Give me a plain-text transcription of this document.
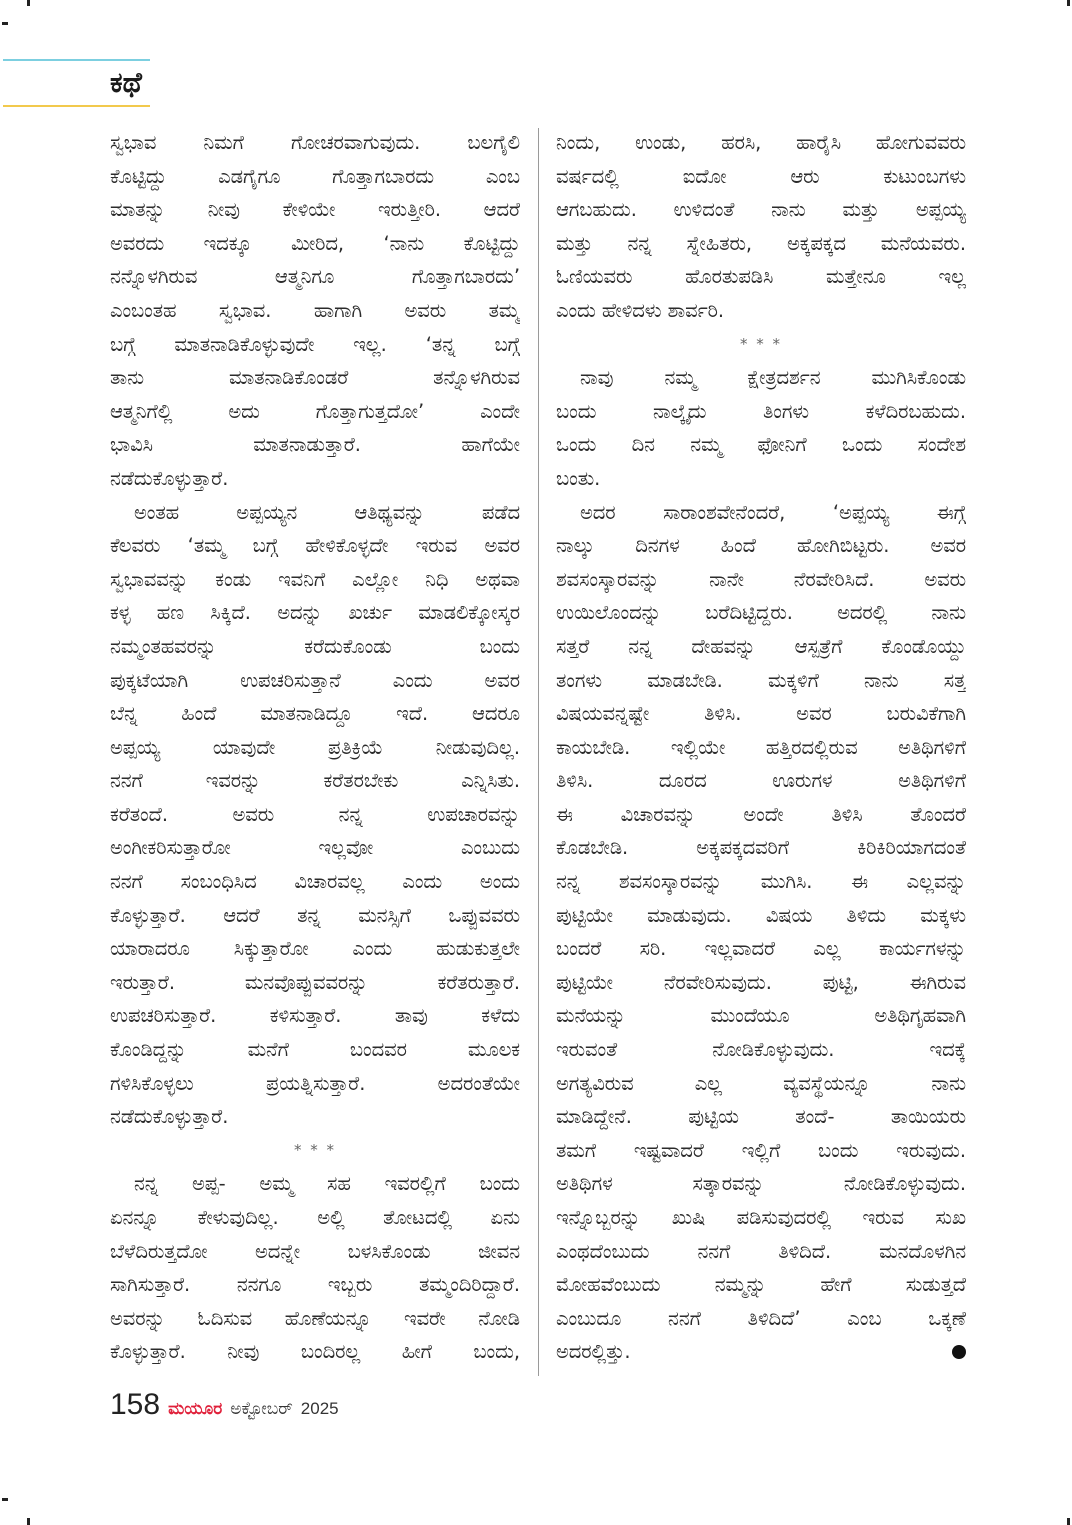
ಕಥೆ
ಸ್ವಭಾವ ನಿಮಗೆ ಗೋಚರವಾಗುವುದು. ಬಲಗೈಲಿ
ಕೊಟ್ಟಿದ್ದು ಎಡಗೈಗೂ ಗೊತ್ತಾಗಬಾರದು ಎಂಬ
ಮಾತನ್ನು ನೀವು ಕೇಳಿಯೇ ಇರುತ್ತೀರಿ. ಆದರೆ
ಅವರದು ಇದಕ್ಕೂ ಮೀರಿದ, ‘ನಾನು ಕೊಟ್ಟಿದ್ದು
ನನ್ನೊಳಗಿರುವ ಆತ್ಮನಿಗೂ ಗೊತ್ತಾಗಬಾರದು’
ಎಂಬಂತಹ ಸ್ವಭಾವ. ಹಾಗಾಗಿ ಅವರು ತಮ್ಮ
ಬಗ್ಗೆ ಮಾತನಾಡಿಕೊಳ್ಳುವುದೇ ಇಲ್ಲ. ‘ತನ್ನ ಬಗ್ಗೆ
ತಾನು ಮಾತನಾಡಿಕೊಂಡರೆ ತನ್ನೊಳಗಿರುವ
ಆತ್ಮನಿಗೆಲ್ಲಿ ಅದು ಗೊತ್ತಾಗುತ್ತದೋ’ ಎಂದೇ
ಭಾವಿಸಿ ಮಾತನಾಡುತ್ತಾರೆ. ಹಾಗೆಯೇ
ನಡೆದುಕೊಳ್ಳುತ್ತಾರೆ.
ಅಂತಹ ಅಪ್ಪಯ್ಯನ ಆತಿಥ್ಯವನ್ನು ಪಡೆದ
ಕೆಲವರು ‘ತಮ್ಮ ಬಗ್ಗೆ ಹೇಳಿಕೊಳ್ಳದೇ ಇರುವ ಅವರ
ಸ್ವಭಾವವನ್ನು ಕಂಡು ಇವನಿಗೆ ಎಲ್ಲೋ ನಿಧಿ ಅಥವಾ
ಕಳ್ಳ ಹಣ ಸಿಕ್ಕಿದೆ. ಅದನ್ನು ಖರ್ಚು ಮಾಡಲಿಕ್ಕೋಸ್ಕರ
ನಮ್ಮಂತಹವರನ್ನು ಕರೆದುಕೊಂಡು ಬಂದು
ಪುಕ್ಕಟೆಯಾಗಿ ಉಪಚರಿಸುತ್ತಾನೆ ಎಂದು ಅವರ
ಬೆನ್ನ ಹಿಂದೆ ಮಾತನಾಡಿದ್ದೂ ಇದೆ. ಆದರೂ
ಅಪ್ಪಯ್ಯ ಯಾವುದೇ ಪ್ರತಿಕ್ರಿಯೆ ನೀಡುವುದಿಲ್ಲ.
ನನಗೆ ಇವರನ್ನು ಕರೆತರಬೇಕು ಎನ್ನಿಸಿತು.
ಕರೆತಂದೆ. ಅವರು ನನ್ನ ಉಪಚಾರವನ್ನು
ಅಂಗೀಕರಿಸುತ್ತಾರೋ ಇಲ್ಲವೋ ಎಂಬುದು
ನನಗೆ ಸಂಬಂಧಿಸಿದ ವಿಚಾರವಲ್ಲ ಎಂದು ಅಂದು
ಕೊಳ್ಳುತ್ತಾರೆ. ಆದರೆ ತನ್ನ ಮನಸ್ಸಿಗೆ ಒಪ್ಪುವವರು
ಯಾರಾದರೂ ಸಿಕ್ಕುತ್ತಾರೋ ಎಂದು ಹುಡುಕುತ್ತಲೇ
ಇರುತ್ತಾರೆ. ಮನವೊಪ್ಪುವವರನ್ನು ಕರೆತರುತ್ತಾರೆ.
ಉಪಚರಿಸುತ್ತಾರೆ. ಕಳಿಸುತ್ತಾರೆ. ತಾವು ಕಳೆದು
ಕೊಂಡಿದ್ದನ್ನು ಮನೆಗೆ ಬಂದವರ ಮೂಲಕ
ಗಳಿಸಿಕೊಳ್ಳಲು ಪ್ರಯತ್ನಿಸುತ್ತಾರೆ. ಅದರಂತೆಯೇ
ನಡೆದುಕೊಳ್ಳುತ್ತಾರೆ.
* * *
ನನ್ನ ಅಪ್ಪ- ಅಮ್ಮ ಸಹ ಇವರಲ್ಲಿಗೆ ಬಂದು
ಏನನ್ನೂ ಕೇಳುವುದಿಲ್ಲ. ಅಲ್ಲಿ ತೋಟದಲ್ಲಿ ಏನು
ಬೆಳೆದಿರುತ್ತದೋ ಅದನ್ನೇ ಬಳಸಿಕೊಂಡು ಜೀವನ
ಸಾಗಿಸುತ್ತಾರೆ. ನನಗೂ ಇಬ್ಬರು ತಮ್ಮಂದಿರಿದ್ದಾರೆ.
ಅವರನ್ನು ಓದಿಸುವ ಹೊಣೆಯನ್ನೂ ಇವರೇ ನೋಡಿ
ಕೊಳ್ಳುತ್ತಾರೆ. ನೀವು ಬಂದಿರಲ್ಲ ಹೀಗೆ ಬಂದು,
ನಿಂದು, ಉಂಡು, ಹರಸಿ, ಹಾರೈಸಿ ಹೋಗುವವರು
ವರ್ಷದಲ್ಲಿ ಐದೋ ಆರು ಕುಟುಂಬಗಳು
ಆಗಬಹುದು. ಉಳಿದಂತೆ ನಾನು ಮತ್ತು ಅಪ್ಪಯ್ಯ
ಮತ್ತು ನನ್ನ ಸ್ನೇಹಿತರು, ಅಕ್ಕಪಕ್ಕದ ಮನೆಯವರು.
ಓಣಿಯವರು ಹೊರತುಪಡಿಸಿ ಮತ್ತೇನೂ ಇಲ್ಲ
ಎಂದು ಹೇಳಿದಳು ಶಾರ್ವರಿ.
* * *
ನಾವು ನಮ್ಮ ಕ್ಷೇತ್ರದರ್ಶನ ಮುಗಿಸಿಕೊಂಡು
ಬಂದು ನಾಲ್ಕೈದು ತಿಂಗಳು ಕಳೆದಿರಬಹುದು.
ಒಂದು ದಿನ ನಮ್ಮ ಫೋನಿಗೆ ಒಂದು ಸಂದೇಶ
ಬಂತು.
ಅದರ ಸಾರಾಂಶವೇನೆಂದರೆ, ‘ಅಪ್ಪಯ್ಯ ಈಗ್ಗೆ
ನಾಲ್ಕು ದಿನಗಳ ಹಿಂದೆ ಹೋಗಿಬಿಟ್ಟರು. ಅವರ
ಶವಸಂಸ್ಕಾರವನ್ನು ನಾನೇ ನೆರವೇರಿಸಿದೆ. ಅವರು
ಉಯಿಲೊಂದನ್ನು ಬರೆದಿಟ್ಟಿದ್ದರು. ಅದರಲ್ಲಿ ನಾನು
ಸತ್ತರೆ ನನ್ನ ದೇಹವನ್ನು ಆಸ್ಪತ್ರೆಗೆ ಕೊಂಡೊಯ್ದು
ತಂಗಳು ಮಾಡಬೇಡಿ. ಮಕ್ಕಳಿಗೆ ನಾನು ಸತ್ತ
ವಿಷಯವನ್ನಷ್ಟೇ ತಿಳಿಸಿ. ಅವರ ಬರುವಿಕೆಗಾಗಿ
ಕಾಯಬೇಡಿ. ಇಲ್ಲಿಯೇ ಹತ್ತಿರದಲ್ಲಿರುವ ಅತಿಥಿಗಳಿಗೆ
ತಿಳಿಸಿ. ದೂರದ ಊರುಗಳ ಅತಿಥಿಗಳಿಗೆ
ಈ ವಿಚಾರವನ್ನು ಅಂದೇ ತಿಳಿಸಿ ತೊಂದರೆ
ಕೊಡಬೇಡಿ. ಅಕ್ಕಪಕ್ಕದವರಿಗೆ ಕಿರಿಕಿರಿಯಾಗದಂತೆ
ನನ್ನ ಶವಸಂಸ್ಕಾರವನ್ನು ಮುಗಿಸಿ. ಈ ಎಲ್ಲವನ್ನು
ಪುಟ್ಟಿಯೇ ಮಾಡುವುದು. ವಿಷಯ ತಿಳಿದು ಮಕ್ಕಳು
ಬಂದರೆ ಸರಿ. ಇಲ್ಲವಾದರೆ ಎಲ್ಲ ಕಾರ್ಯಗಳನ್ನು
ಪುಟ್ಟಿಯೇ ನೆರವೇರಿಸುವುದು. ಪುಟ್ಟಿ, ಈಗಿರುವ
ಮನೆಯನ್ನು ಮುಂದೆಯೂ ಅತಿಥಿಗೃಹವಾಗಿ
ಇರುವಂತೆ ನೋಡಿಕೊಳ್ಳುವುದು. ಇದಕ್ಕೆ
ಅಗತ್ಯವಿರುವ ಎಲ್ಲ ವ್ಯವಸ್ಥೆಯನ್ನೂ ನಾನು
ಮಾಡಿದ್ದೇನೆ. ಪುಟ್ಟಿಯ ತಂದೆ- ತಾಯಿಯರು
ತಮಗೆ ಇಷ್ಟವಾದರೆ ಇಲ್ಲಿಗೆ ಬಂದು ಇರುವುದು.
ಅತಿಥಿಗಳ ಸತ್ಕಾರವನ್ನು ನೋಡಿಕೊಳ್ಳುವುದು.
ಇನ್ನೊಬ್ಬರನ್ನು ಖುಷಿ ಪಡಿಸುವುದರಲ್ಲಿ ಇರುವ ಸುಖ
ಎಂಥದೆಂಬುದು ನನಗೆ ತಿಳಿದಿದೆ. ಮನದೊಳಗಿನ
ಮೋಹವೆಂಬುದು ನಮ್ಮನ್ನು ಹೇಗೆ ಸುಡುತ್ತದೆ
ಎಂಬುದೂ ನನಗೆ ತಿಳಿದಿದೆ’ ಎಂಬ ಒಕ್ಕಣೆ
ಅದರಲ್ಲಿತ್ತು.
158 ಮಯೂರ ಅಕ್ಟೋಬರ್ 2025
